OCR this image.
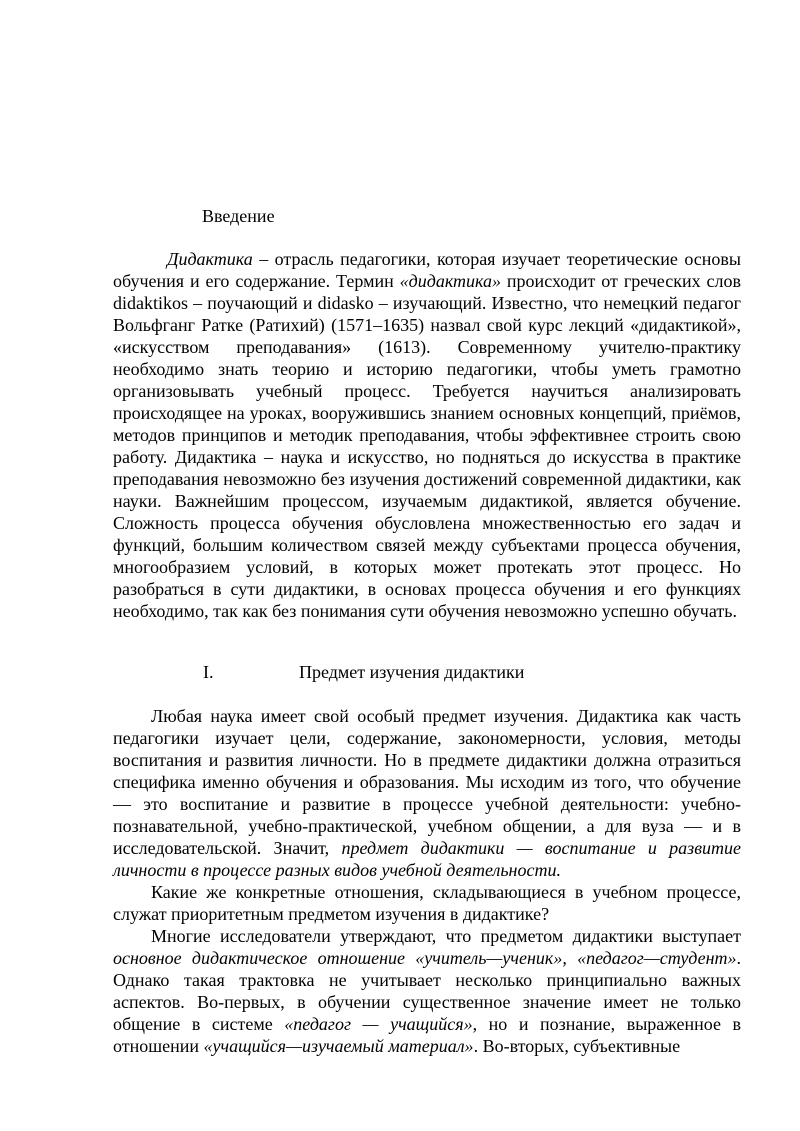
Введение

Дидактика – отрасль педагогики, которая изучает теоретические основы обучения и его содержание. Термин «дидактика» происходит от греческих слов didaktikos – поучающий и didasko – изучающий. Известно, что немецкий педагог Вольфганг Ратке (Ратихий) (1571–1635) назвал свой курс лекций «дидактикой», «искусством преподавания» (1613). Современному учителю-практику необходимо знать теорию и историю педагогики, чтобы уметь грамотно организовывать учебный процесс. Требуется научиться анализировать происходящее на уроках, вооружившись знанием основных концепций, приёмов, методов принципов и методик преподавания, чтобы эффективнее строить свою работу. Дидактика – наука и искусство, но подняться до искусства в практике преподавания невозможно без изучения достижений современной дидактики, как науки. Важнейшим процессом, изучаемым дидактикой, является обучение. Сложность процесса обучения обусловлена множественностью его задач и функций, большим количеством связей между субъектами процесса обучения, многообразием условий, в которых может протекать этот процесс. Но разобраться в сути дидактики, в основах процесса обучения и его функциях необходимо, так как без понимания сути обучения невозможно успешно обучать.

I.	Предмет изучения дидактики

Любая наука имеет свой особый предмет изучения. Дидактика как часть педагогики изучает цели, содержание, закономерности, условия, методы воспитания и развития личности. Но в предмете дидактики должна отразиться специфика именно обучения и образования. Мы исходим из того, что обучение — это воспитание и развитие в процессе учебной деятельности: учебно-познавательной, учебно-практической, учебном общении, а для вуза — и в исследовательской. Значит, предмет дидактики — воспитание и развитие личности в процессе разных видов учебной деятельности.

Какие же конкретные отношения, складывающиеся в учебном процессе, служат приоритетным предметом изучения в дидактике?

Многие исследователи утверждают, что предметом дидактики выступает основное дидактическое отношение «учитель—ученик», «педагог—студент». Однако такая трактовка не учитывает несколько принципиально важных аспектов. Во-первых, в обучении существенное значение имеет не только общение в системе «педагог — учащийся», но и познание, выраженное в отношении «учащийся—изучаемый материал». Во-вторых, субъективные
